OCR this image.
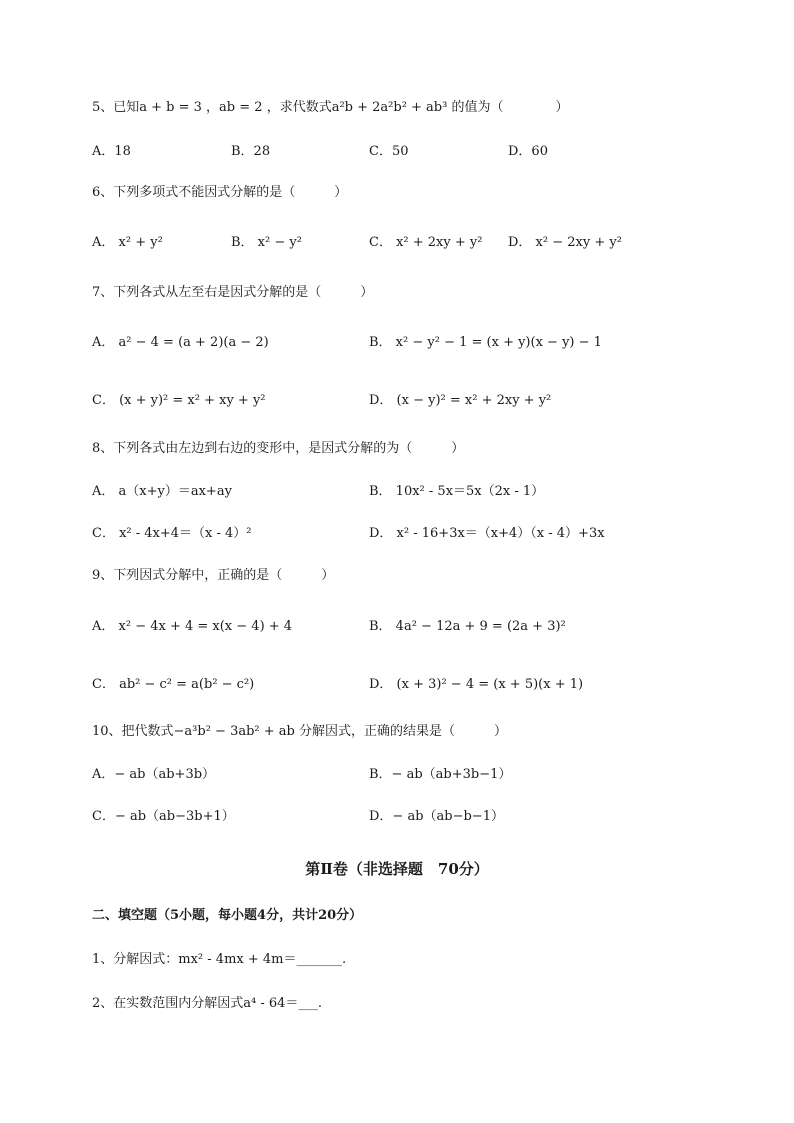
5、已知a + b = 3 ，ab = 2 ，求代数式a²b + 2a²b² + ab³ 的值为（　　　　）
A．18	B．28	C．50	D．60
6、下列多项式不能因式分解的是（　　　）
A． x² + y²	B． x² − y²	C． x² + 2xy + y² D． x² − 2xy + y²
7、下列各式从左至右是因式分解的是（　　　）
A． a² − 4 = (a + 2)(a − 2)	B． x² − y² − 1 = (x + y)(x − y) − 1
C． (x + y)² = x² + xy + y²	D． (x − y)² = x² + 2xy + y²
8、下列各式由左边到右边的变形中，是因式分解的为（　　　）
A． a（x+y）＝ax+ay	B． 10x² - 5x＝5x（2x - 1）
C． x² - 4x+4＝（x - 4）²	D． x² - 16+3x＝（x+4）（x - 4）+3x
9、下列因式分解中，正确的是（　　　）
A． x² − 4x + 4 = x(x − 4) + 4	B． 4a² − 12a + 9 = (2a + 3)²
C． ab² − c² = a(b² − c²)	D． (x + 3)² − 4 = (x + 5)(x + 1)
10、把代数式−a³b² − 3ab² + ab 分解因式，正确的结果是（　　　）
A．− ab（ab+3b）	B．− ab（ab+3b−1）
C．− ab（ab−3b+1）	D．− ab（ab−b−1）
第Ⅱ卷（非选择题　70分）
二、填空题（5小题，每小题4分，共计20分）
1、分解因式：mx² - 4mx + 4m＝_______.
2、在实数范围内分解因式a⁴ - 64＝___.
